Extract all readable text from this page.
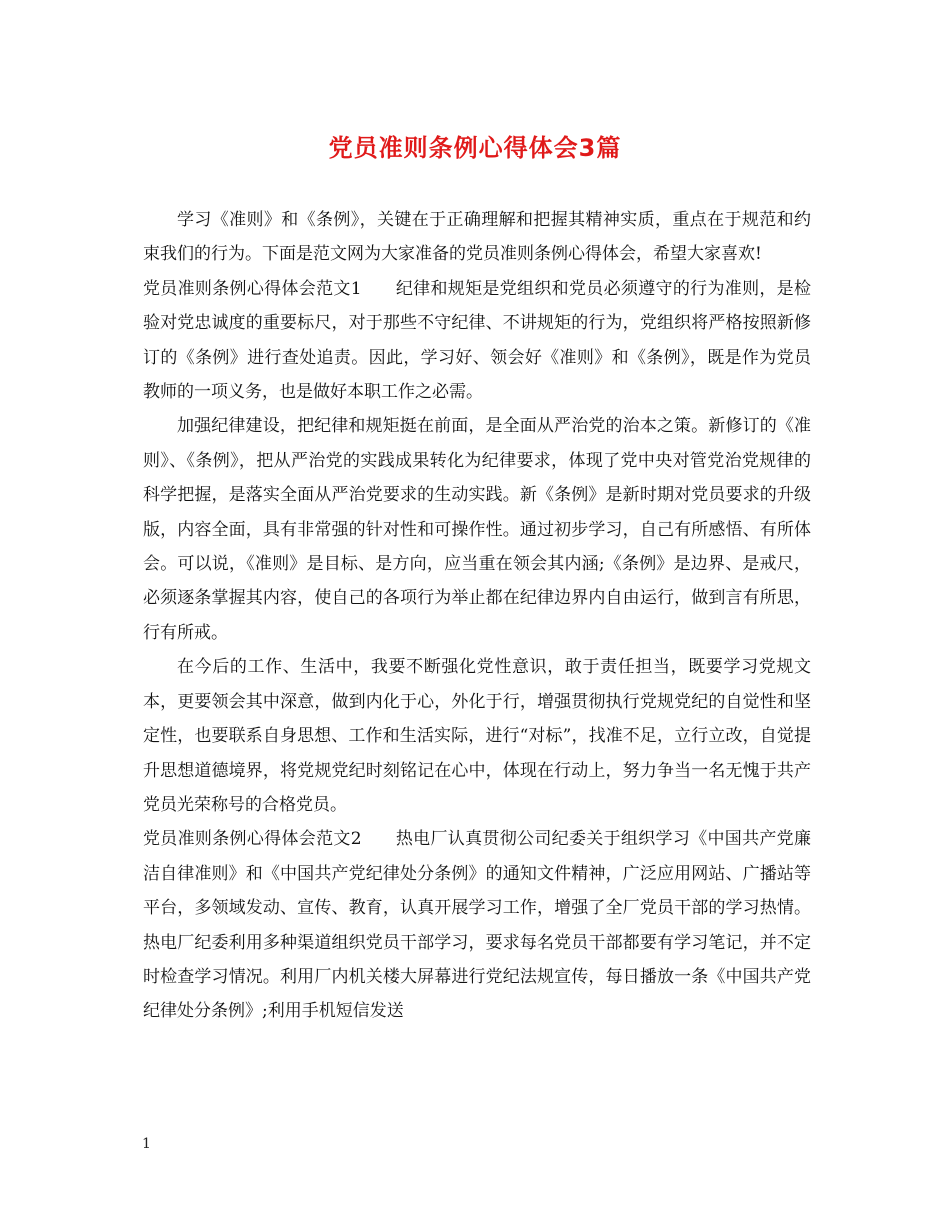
党员准则条例心得体会3篇

学习《准则》和《条例》，关键在于正确理解和把握其精神实质，重点在于规范和约束我们的行为。下面是范文网为大家准备的党员准则条例心得体会，希望大家喜欢!

党员准则条例心得体会范文1 纪律和规矩是党组织和党员必须遵守的行为准则，是检验对党忠诚度的重要标尺，对于那些不守纪律、不讲规矩的行为，党组织将严格按照新修订的《条例》进行查处追责。因此，学习好、领会好《准则》和《条例》，既是作为党员教师的一项义务，也是做好本职工作之必需。

加强纪律建设，把纪律和规矩挺在前面，是全面从严治党的治本之策。新修订的《准则》、《条例》，把从严治党的实践成果转化为纪律要求，体现了党中央对管党治党规律的科学把握，是落实全面从严治党要求的生动实践。新《条例》是新时期对党员要求的升级版，内容全面，具有非常强的针对性和可操作性。通过初步学习，自己有所感悟、有所体会。可以说，《准则》是目标、是方向，应当重在领会其内涵;《条例》是边界、是戒尺，必须逐条掌握其内容，使自己的各项行为举止都在纪律边界内自由运行，做到言有所思，行有所戒。

在今后的工作、生活中，我要不断强化党性意识，敢于责任担当，既要学习党规文本，更要领会其中深意，做到内化于心，外化于行，增强贯彻执行党规党纪的自觉性和坚定性，也要联系自身思想、工作和生活实际，进行“对标”，找准不足，立行立改，自觉提升思想道德境界，将党规党纪时刻铭记在心中，体现在行动上，努力争当一名无愧于共产党员光荣称号的合格党员。

党员准则条例心得体会范文2 热电厂认真贯彻公司纪委关于组织学习《中国共产党廉洁自律准则》和《中国共产党纪律处分条例》的通知文件精神，广泛应用网站、广播站等平台，多领域发动、宣传、教育，认真开展学习工作，增强了全厂党员干部的学习热情。热电厂纪委利用多种渠道组织党员干部学习，要求每名党员干部都要有学习笔记，并不定时检查学习情况。利用厂内机关楼大屏幕进行党纪法规宣传，每日播放一条《中国共产党纪律处分条例》;利用手机短信发送

1
